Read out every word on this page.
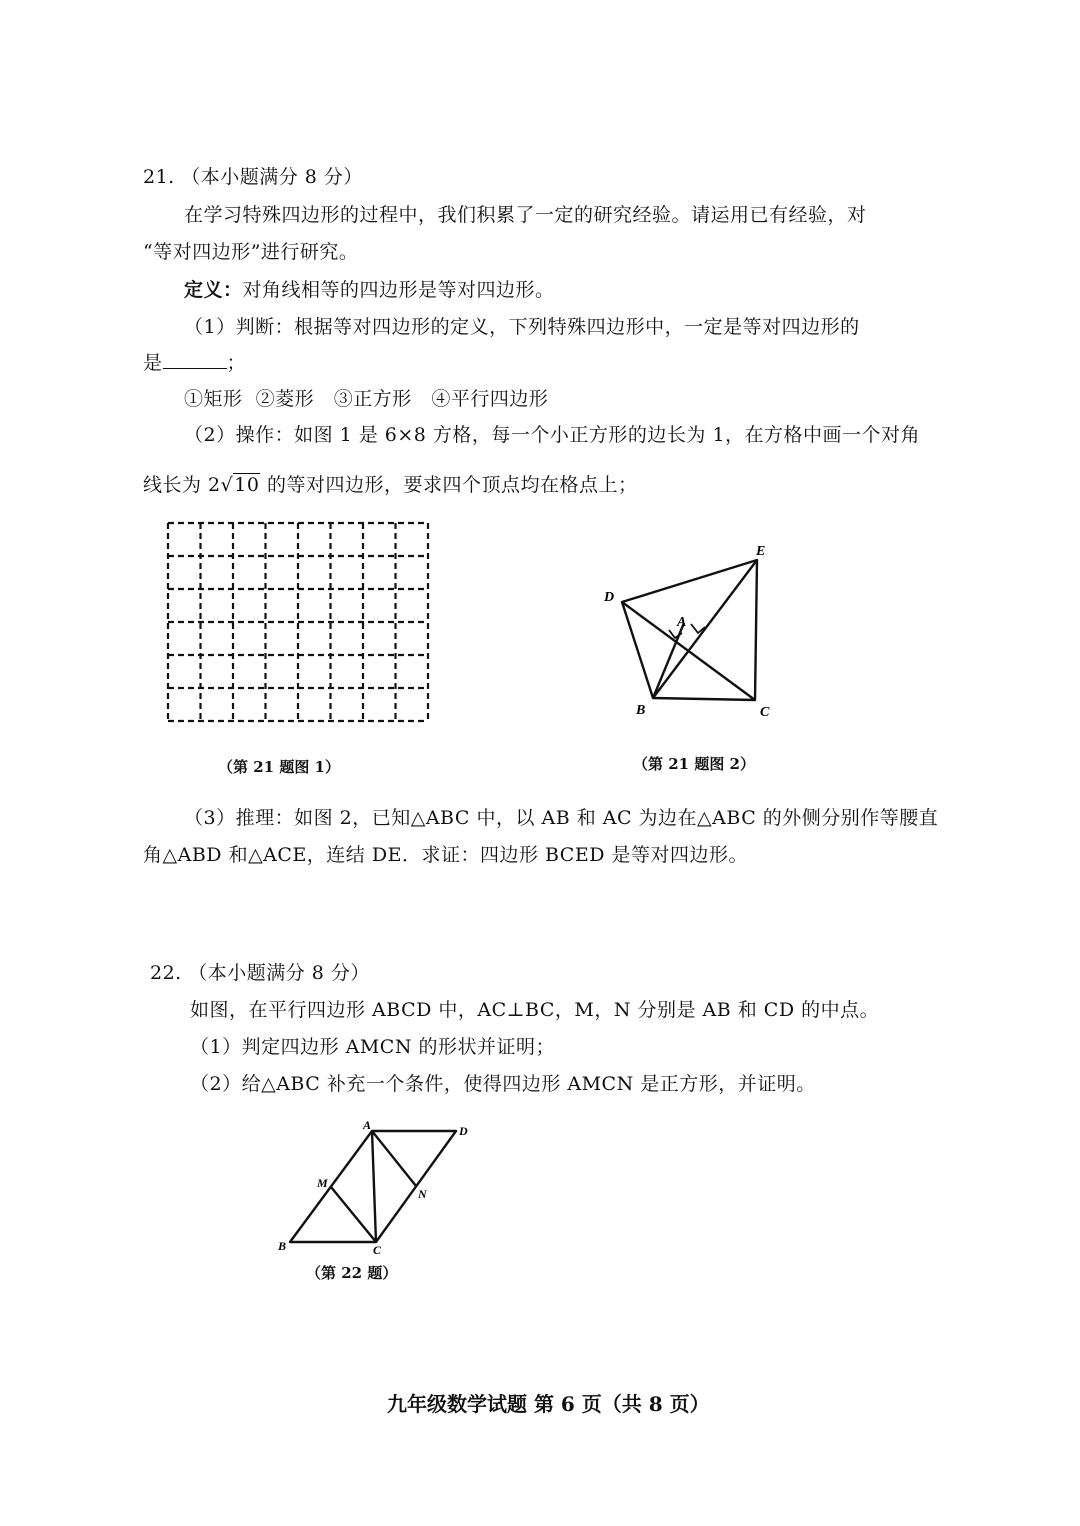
21. （本小题满分 8 分）
在学习特殊四边形的过程中，我们积累了一定的研究经验。请运用已有经验，对
“等对四边形”进行研究。
定义：对角线相等的四边形是等对四边形。
（1）判断：根据等对四边形的定义，下列特殊四边形中，一定是等对四边形的
是	；
①矩形 ②菱形 ③正方形 ④平行四边形
（2）操作：如图 1 是 6×8 方格，每一个小正方形的边长为 1，在方格中画一个对角
线长为 2√10 的等对四边形，要求四个顶点均在格点上；
（第 21 题图 1）
A
B	C
D
E
（第 21 题图 2）
（3）推理：如图 2，已知△ABC 中，以 AB 和 AC 为边在△ABC 的外侧分别作等腰直
角△ABD 和△ACE，连结 DE．求证：四边形 BCED 是等对四边形。
22. （本小题满分 8 分）
如图，在平行四边形 ABCD 中，AC⊥BC，M，N 分别是 AB 和 CD 的中点。
（1）判定四边形 AMCN 的形状并证明；
（2）给△ABC 补充一个条件，使得四边形 AMCN 是正方形，并证明。
A
B	C
D
M
N
（第 22 题）
九年级数学试题 第 6 页（共 8 页）
